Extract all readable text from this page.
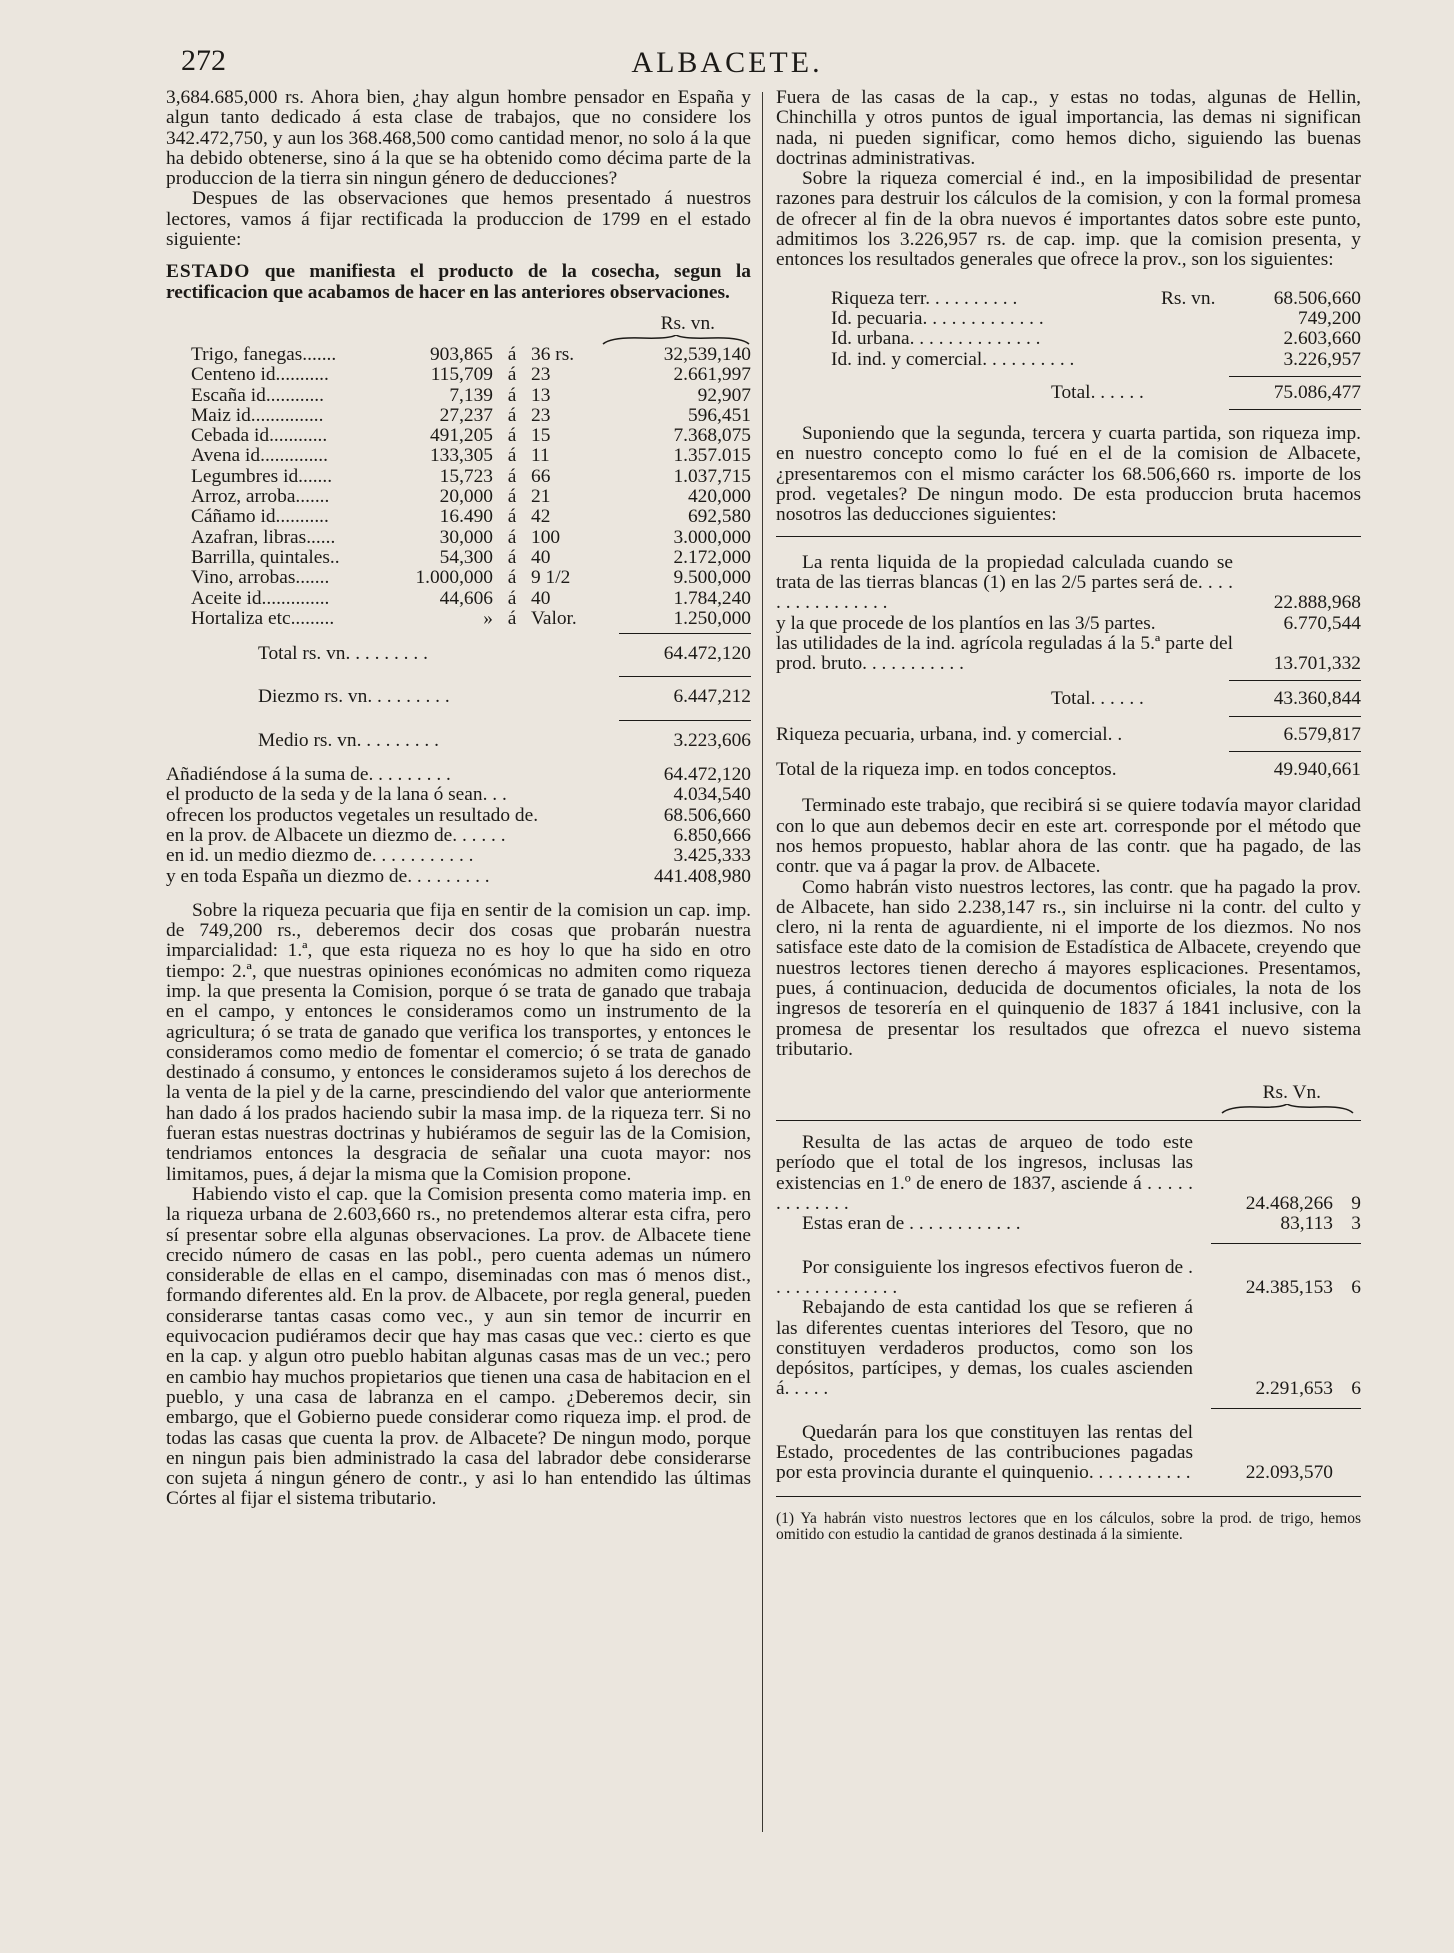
272	ALBACETE.

3,684.685,000 rs. Ahora bien, ¿hay algun hombre pensador en España y algun tanto dedicado á esta clase de trabajos, que no considere los 342.472,750, y aun los 368.468,500 como cantidad menor, no solo á la que ha debido obtenerse, sino á la que se ha obtenido como décima parte de la produccion de la tierra sin ningun género de deducciones?

Despues de las observaciones que hemos presentado á nuestros lectores, vamos á fijar rectificada la produccion de 1799 en el estado siguiente:

ESTADO que manifiesta el producto de la cosecha, segun la rectificacion que acabamos de hacer en las anteriores observaciones.

Rs. vn.
Trigo, fanegas.......	903,865	á	36 rs.	32,539,140
Centeno id...........	115,709	á	23	2.661,997
Escaña id............	7,139	á	13	92,907
Maiz id...............	27,237	á	23	596,451
Cebada id............	491,205	á	15	7.368,075
Avena id..............	133,305	á	11	1.357.015
Legumbres id.......	15,723	á	66	1.037,715
Arroz, arroba.......	20,000	á	21	420,000
Cáñamo id...........	16.490	á	42	692,580
Azafran, libras......	30,000	á	100	3.000,000
Barrilla, quintales..	54,300	á	40	2.172,000
Vino, arrobas.......	1.000,000	á	9 1/2	9.500,000
Aceite id..............	44,606	á	40	1.784,240
Hortaliza etc.........	»	á	Valor.	1.250,000
Total rs. vn. . . . . . . . .	64.472,120
Diezmo rs. vn. . . . . . . . .	6.447,212
Medio rs. vn. . . . . . . . .	3.223,606
Añadiéndose á la suma de. . . . . . . . .	64.472,120
el producto de la seda y de la lana ó sean. . .	4.034,540
ofrecen los productos vegetales un resultado de.	68.506,660
en la prov. de Albacete un diezmo de. . . . . .	6.850,666
en id. un medio diezmo de. . . . . . . . . . .	3.425,333
y en toda España un diezmo de. . . . . . . . .	441.408,980

Sobre la riqueza pecuaria que fija en sentir de la comision un cap. imp. de 749,200 rs., deberemos decir dos cosas que probarán nuestra imparcialidad: 1.ª, que esta riqueza no es hoy lo que ha sido en otro tiempo: 2.ª, que nuestras opiniones económicas no admiten como riqueza imp. la que presenta la Comision, porque ó se trata de ganado que trabaja en el campo, y entonces le consideramos como un instrumento de la agricultura; ó se trata de ganado que verifica los transportes, y entonces le consideramos como medio de fomentar el comercio; ó se trata de ganado destinado á consumo, y entonces le consideramos sujeto á los derechos de la venta de la piel y de la carne, prescindiendo del valor que anteriormente han dado á los prados haciendo subir la masa imp. de la riqueza terr. Si no fueran estas nuestras doctrinas y hubiéramos de seguir las de la Comision, tendriamos entonces la desgracia de señalar una cuota mayor: nos limitamos, pues, á dejar la misma que la Comision propone.

Habiendo visto el cap. que la Comision presenta como materia imp. en la riqueza urbana de 2.603,660 rs., no pretendemos alterar esta cifra, pero sí presentar sobre ella algunas observaciones. La prov. de Albacete tiene crecido número de casas en las pobl., pero cuenta ademas un número considerable de ellas en el campo, diseminadas con mas ó menos dist., formando diferentes ald. En la prov. de Albacete, por regla general, pueden considerarse tantas casas como vec., y aun sin temor de incurrir en equivocacion pudiéramos decir que hay mas casas que vec.: cierto es que en la cap. y algun otro pueblo habitan algunas casas mas de un vec.; pero en cambio hay muchos propietarios que tienen una casa de habitacion en el pueblo, y una casa de labranza en el campo. ¿Deberemos decir, sin embargo, que el Gobierno puede considerar como riqueza imp. el prod. de todas las casas que cuenta la prov. de Albacete? De ningun modo, porque en ningun pais bien administrado la casa del labrador debe considerarse con sujeta á ningun género de contr., y asi lo han entendido las últimas Córtes al fijar el sistema tributario.

Fuera de las casas de la cap., y estas no todas, algunas de Hellin, Chinchilla y otros puntos de igual importancia, las demas ni significan nada, ni pueden significar, como hemos dicho, siguiendo las buenas doctrinas administrativas.

Sobre la riqueza comercial é ind., en la imposibilidad de presentar razones para destruir los cálculos de la comision, y con la formal promesa de ofrecer al fin de la obra nuevos é importantes datos sobre este punto, admitimos los 3.226,957 rs. de cap. imp. que la comision presenta, y entonces los resultados generales que ofrece la prov., son los siguientes:

Riqueza terr. . . . . . . . . .	Rs. vn.	68.506,660
Id. pecuaria. . . . . . . . . . . . .	749,200
Id. urbana. . . . . . . . . . . . . .	2.603,660
Id. ind. y comercial. . . . . . . . . .	3.226,957
Total. . . . . .	75.086,477

Suponiendo que la segunda, tercera y cuarta partida, son riqueza imp. en nuestro concepto como lo fué en el de la comision de Albacete, ¿presentaremos con el mismo carácter los 68.506,660 rs. importe de los prod. vegetales? De ningun modo. De esta produccion bruta hacemos nosotros las deducciones siguientes:

La renta liquida de la propiedad calculada cuando se trata de las tierras blancas (1) en las 2/5 partes será de. . . . . . . . . . . . . . . .	22.888,968
y la que procede de los plantíos en las 3/5 partes.	6.770,544
las utilidades de la ind. agrícola reguladas á la 5.ª parte del prod. bruto. . . . . . . . . . .	13.701,332
Total. . . . . .	43.360,844
Riqueza pecuaria, urbana, ind. y comercial. .	6.579,817
Total de la riqueza imp. en todos conceptos.	49.940,661

Terminado este trabajo, que recibirá si se quiere todavía mayor claridad con lo que aun debemos decir en este art. corresponde por el método que nos hemos propuesto, hablar ahora de las contr. que ha pagado, de las contr. que va á pagar la prov. de Albacete.

Como habrán visto nuestros lectores, las contr. que ha pagado la prov. de Albacete, han sido 2.238,147 rs., sin incluirse ni la contr. del culto y clero, ni la renta de aguardiente, ni el importe de los diezmos. No nos satisface este dato de la comision de Estadística de Albacete, creyendo que nuestros lectores tienen derecho á mayores esplicaciones. Presentamos, pues, á continuacion, deducida de documentos oficiales, la nota de los ingresos de tesorería en el quinquenio de 1837 á 1841 inclusive, con la promesa de presentar los resultados que ofrezca el nuevo sistema tributario.

Rs. Vn.
Resulta de las actas de arqueo de todo este período que el total de los ingresos, inclusas las existencias en 1.º de enero de 1837, asciende á . . . . . . . . . . . . .	24.468,266 9
Estas eran de . . . . . . . . . . . .	83,113 3
Por consiguiente los ingresos efectivos fueron de . . . . . . . . . . . . . .	24.385,153 6
Rebajando de esta cantidad los que se refieren á las diferentes cuentas interiores del Tesoro, que no constituyen verdaderos productos, como son los depósitos, partícipes, y demas, los cuales ascienden á. . . . .	2.291,653 6
Quedarán para los que constituyen las rentas del Estado, procedentes de las contribuciones pagadas por esta provincia durante el quinquenio. . . . . . . . . . .	22.093,570
(1) Ya habrán visto nuestros lectores que en los cálculos, sobre la prod. de trigo, hemos omitido con estudio la cantidad de granos destinada á la simiente.
